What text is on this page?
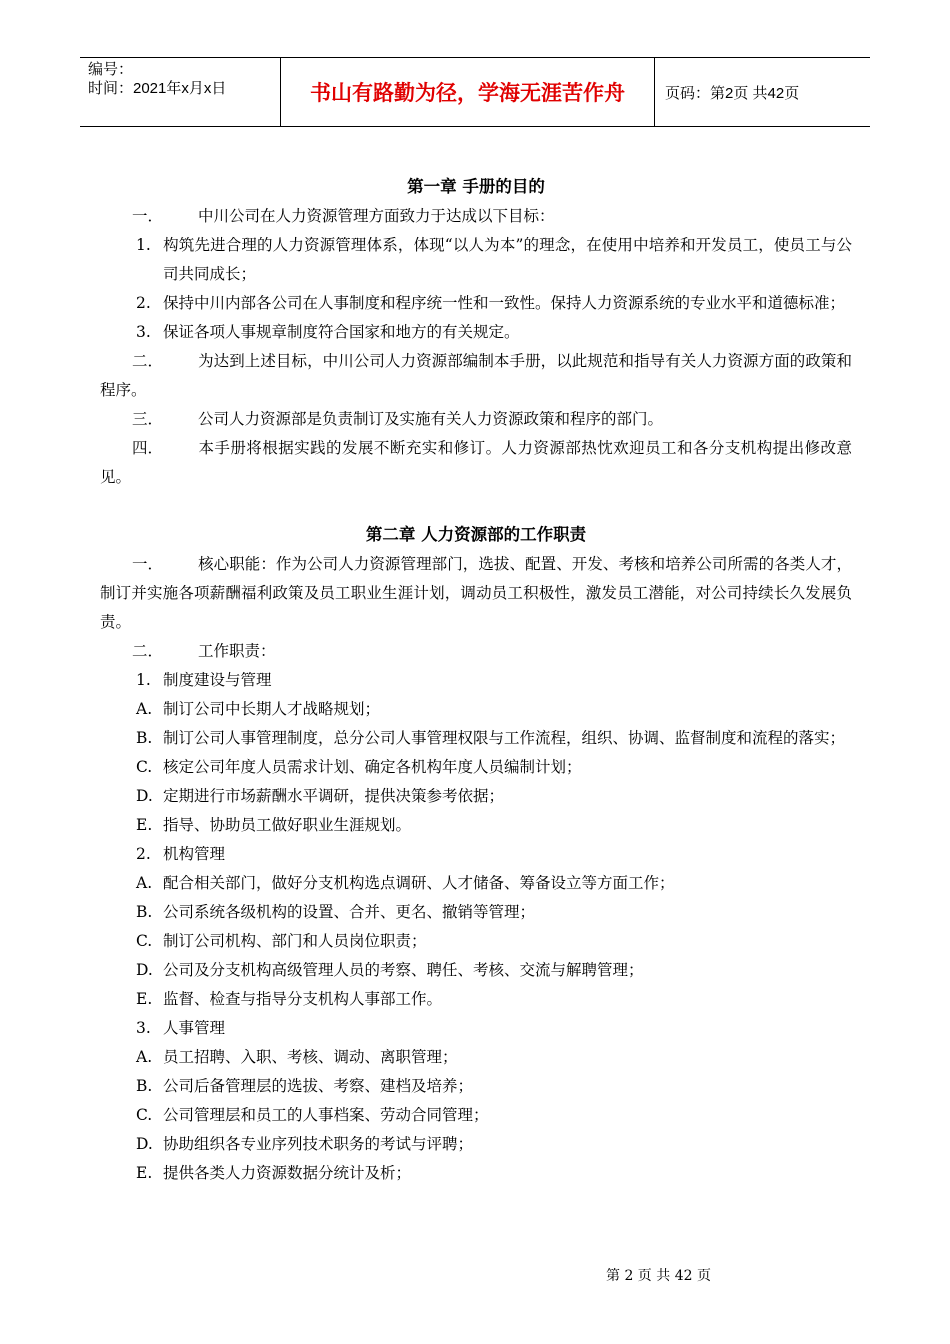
编号：
时间：2021年x月x日	书山有路勤为径，学海无涯苦作舟	页码：第2页 共42页
第一章 手册的目的

一． 中川公司在人力资源管理方面致力于达成以下目标：

1. 构筑先进合理的人力资源管理体系，体现“以人为本”的理念，在使用中培养和开发员工，使员工与公司共同成长；

2. 保持中川内部各公司在人事制度和程序统一性和一致性。保持人力资源系统的专业水平和道德标准；

3. 保证各项人事规章制度符合国家和地方的有关规定。

二． 为达到上述目标，中川公司人力资源部编制本手册，以此规范和指导有关人力资源方面的政策和程序。

三． 公司人力资源部是负责制订及实施有关人力资源政策和程序的部门。

四． 本手册将根据实践的发展不断充实和修订。人力资源部热忱欢迎员工和各分支机构提出修改意见。

第二章 人力资源部的工作职责

一． 核心职能：作为公司人力资源管理部门，选拔、配置、开发、考核和培养公司所需的各类人才，制订并实施各项薪酬福利政策及员工职业生涯计划，调动员工积极性，激发员工潜能，对公司持续长久发展负责。

二． 工作职责：

1. 制度建设与管理

A. 制订公司中长期人才战略规划；

B. 制订公司人事管理制度，总分公司人事管理权限与工作流程，组织、协调、监督制度和流程的落实；

C. 核定公司年度人员需求计划、确定各机构年度人员编制计划；

D. 定期进行市场薪酬水平调研，提供决策参考依据；

E. 指导、协助员工做好职业生涯规划。

2. 机构管理

A. 配合相关部门，做好分支机构选点调研、人才储备、筹备设立等方面工作；

B. 公司系统各级机构的设置、合并、更名、撤销等管理；

C. 制订公司机构、部门和人员岗位职责；

D. 公司及分支机构高级管理人员的考察、聘任、考核、交流与解聘管理；

E. 监督、检查与指导分支机构人事部工作。

3. 人事管理

A. 员工招聘、入职、考核、调动、离职管理；

B. 公司后备管理层的选拔、考察、建档及培养；

C. 公司管理层和员工的人事档案、劳动合同管理；

D. 协助组织各专业序列技术职务的考试与评聘；

E. 提供各类人力资源数据分统计及析；

第 2 页 共 42 页
